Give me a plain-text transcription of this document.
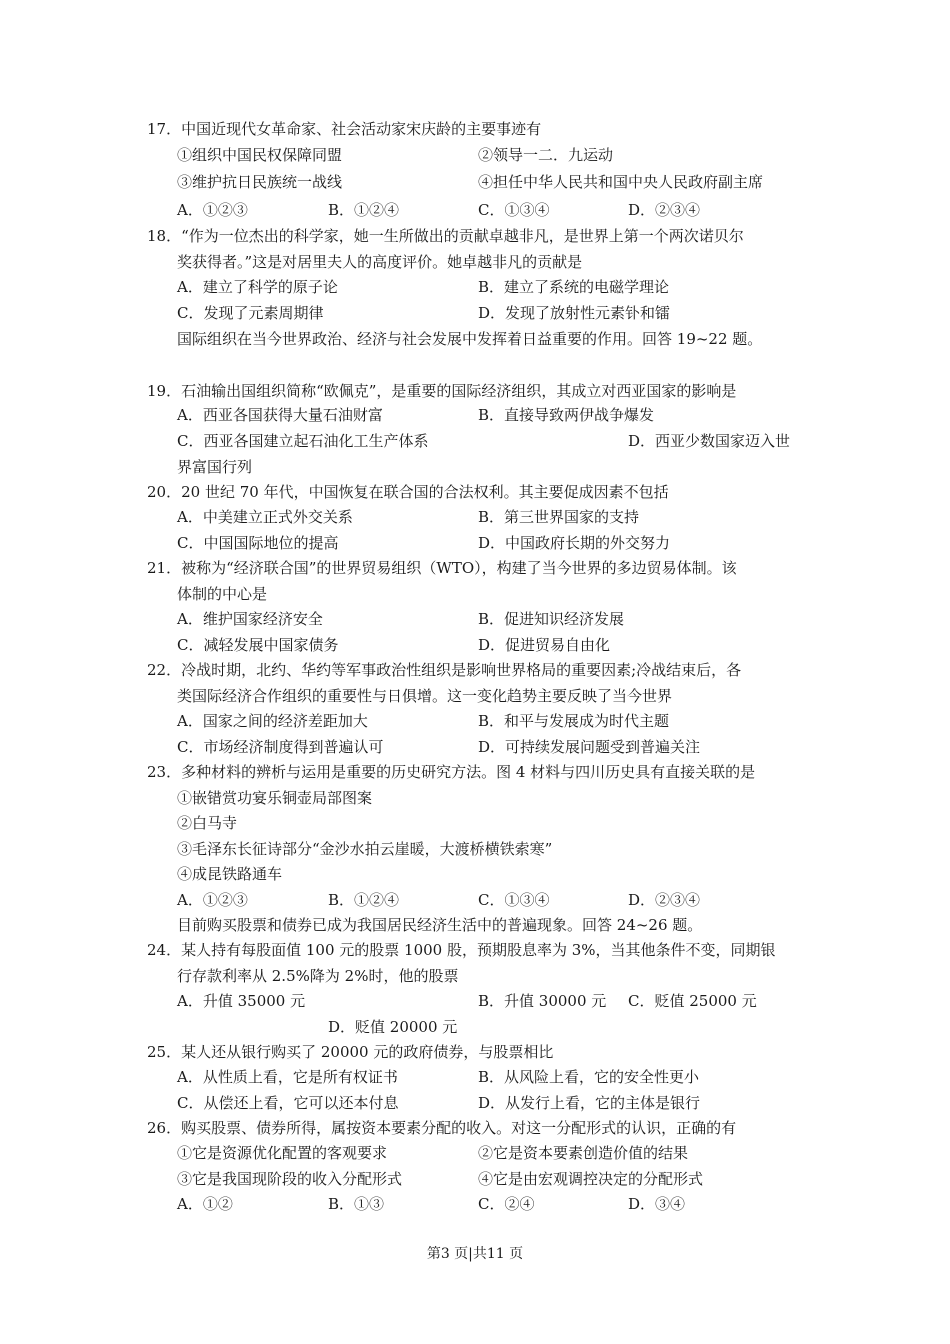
17．中国近现代女革命家、社会活动家宋庆龄的主要事迹有
①组织中国民权保障同盟	②领导一二．九运动
③维护抗日民族统一战线	④担任中华人民共和国中央人民政府副主席
A．①②③	B．①②④	C．①③④	D．②③④
18．“作为一位杰出的科学家，她一生所做出的贡献卓越非凡，是世界上第一个两次诺贝尔
奖获得者。”这是对居里夫人的高度评价。她卓越非凡的贡献是
A．建立了科学的原子论	B．建立了系统的电磁学理论
C．发现了元素周期律	D．发现了放射性元素钋和镭
国际组织在当今世界政治、经济与社会发展中发挥着日益重要的作用。回答 19~22 题。
19．石油输出国组织简称“欧佩克”，是重要的国际经济组织，其成立对西亚国家的影响是
A．西亚各国获得大量石油财富	B．直接导致两伊战争爆发
C．西亚各国建立起石油化工生产体系	D．西亚少数国家迈入世
界富国行列
20．20 世纪 70 年代，中国恢复在联合国的合法权利。其主要促成因素不包括
A．中美建立正式外交关系	B．第三世界国家的支持
C．中国国际地位的提高	D．中国政府长期的外交努力
21．被称为“经济联合国”的世界贸易组织（WTO），构建了当今世界的多边贸易体制。该
体制的中心是
A．维护国家经济安全	B．促进知识经济发展
C．减轻发展中国家债务	D．促进贸易自由化
22．冷战时期，北约、华约等军事政治性组织是影响世界格局的重要因素;冷战结束后，各
类国际经济合作组织的重要性与日俱增。这一变化趋势主要反映了当今世界
A．国家之间的经济差距加大	B．和平与发展成为时代主题
C．市场经济制度得到普遍认可	D．可持续发展问题受到普遍关注
23．多种材料的辨析与运用是重要的历史研究方法。图 4 材料与四川历史具有直接关联的是
①嵌错赏功宴乐铜壶局部图案
②白马寺
③毛泽东长征诗部分“金沙水拍云崖暖，大渡桥横铁索寒”
④成昆铁路通车
A．①②③	B．①②④	C．①③④	D．②③④
目前购买股票和债券已成为我国居民经济生活中的普遍现象。回答 24~26 题。
24．某人持有每股面值 100 元的股票 1000 股，预期股息率为 3%，当其他条件不变，同期银
行存款利率从 2.5%降为 2%时，他的股票
A．升值 35000 元	B．升值 30000 元 C．贬值 25000 元
D．贬值 20000 元
25．某人还从银行购买了 20000 元的政府债券，与股票相比
A．从性质上看，它是所有权证书	B．从风险上看，它的安全性更小
C．从偿还上看，它可以还本付息	D．从发行上看，它的主体是银行
26．购买股票、债券所得，属按资本要素分配的收入。对这一分配形式的认识，正确的有
①它是资源优化配置的客观要求	②它是资本要素创造价值的结果
③它是我国现阶段的收入分配形式	④它是由宏观调控决定的分配形式
A．①②	B．①③	C．②④	D．③④
第3 页|共11 页
